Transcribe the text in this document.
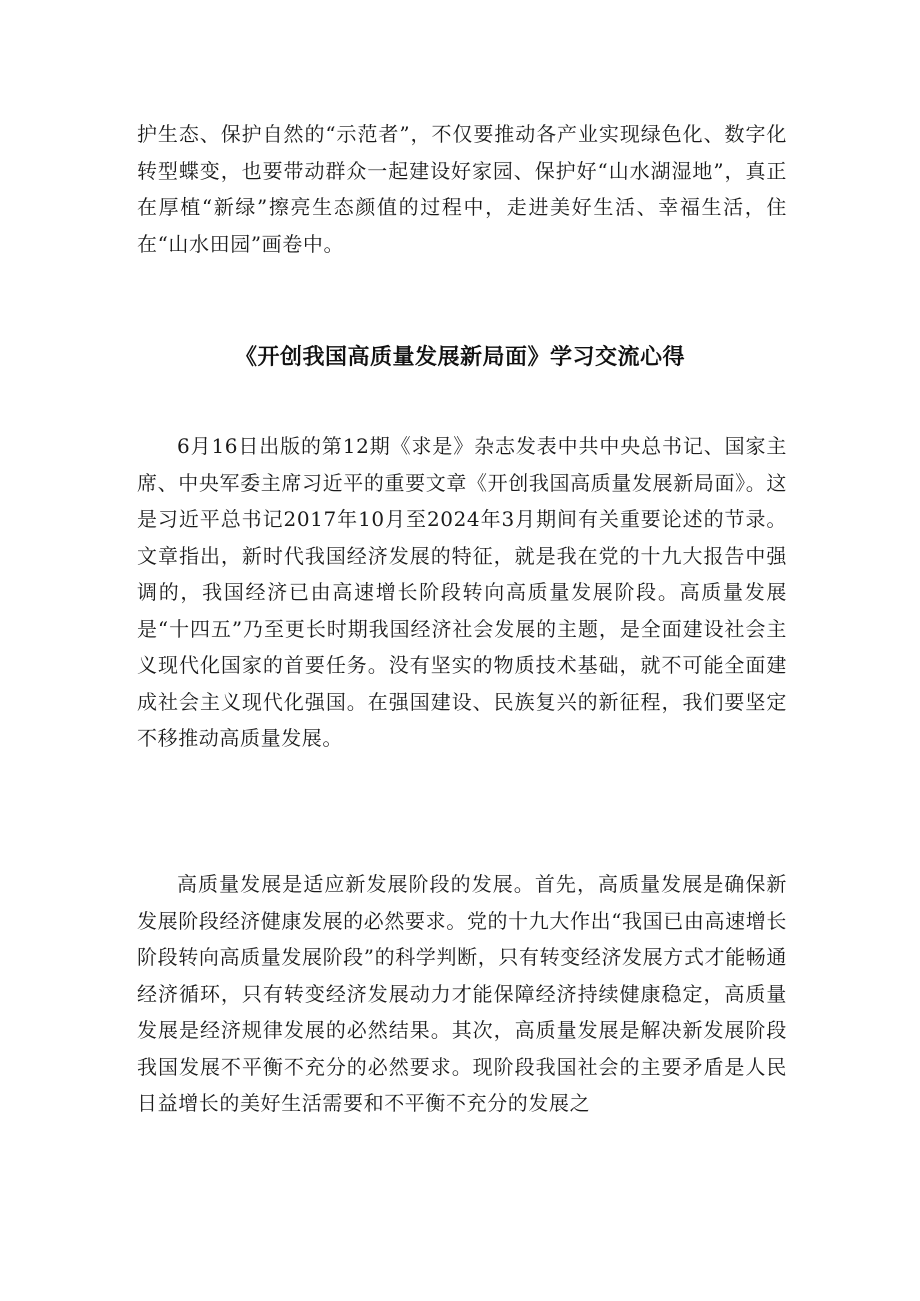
护生态、保护自然的“示范者”，不仅要推动各产业实现绿色化、数字化转型蝶变，也要带动群众一起建设好家园、保护好“山水湖湿地”，真正在厚植“新绿”擦亮生态颜值的过程中，走进美好生活、幸福生活，住在“山水田园”画卷中。

《开创我国高质量发展新局面》学习交流心得

6月16日出版的第12期《求是》杂志发表中共中央总书记、国家主席、中央军委主席习近平的重要文章《开创我国高质量发展新局面》。这是习近平总书记2017年10月至2024年3月期间有关重要论述的节录。文章指出，新时代我国经济发展的特征，就是我在党的十九大报告中强调的，我国经济已由高速增长阶段转向高质量发展阶段。高质量发展是“十四五”乃至更长时期我国经济社会发展的主题，是全面建设社会主义现代化国家的首要任务。没有坚实的物质技术基础，就不可能全面建成社会主义现代化强国。在强国建设、民族复兴的新征程，我们要坚定不移推动高质量发展。

高质量发展是适应新发展阶段的发展。首先，高质量发展是确保新发展阶段经济健康发展的必然要求。党的十九大作出“我国已由高速增长阶段转向高质量发展阶段”的科学判断，只有转变经济发展方式才能畅通经济循环，只有转变经济发展动力才能保障经济持续健康稳定，高质量发展是经济规律发展的必然结果。其次，高质量发展是解决新发展阶段我国发展不平衡不充分的必然要求。现阶段我国社会的主要矛盾是人民日益增长的美好生活需要和不平衡不充分的发展之
